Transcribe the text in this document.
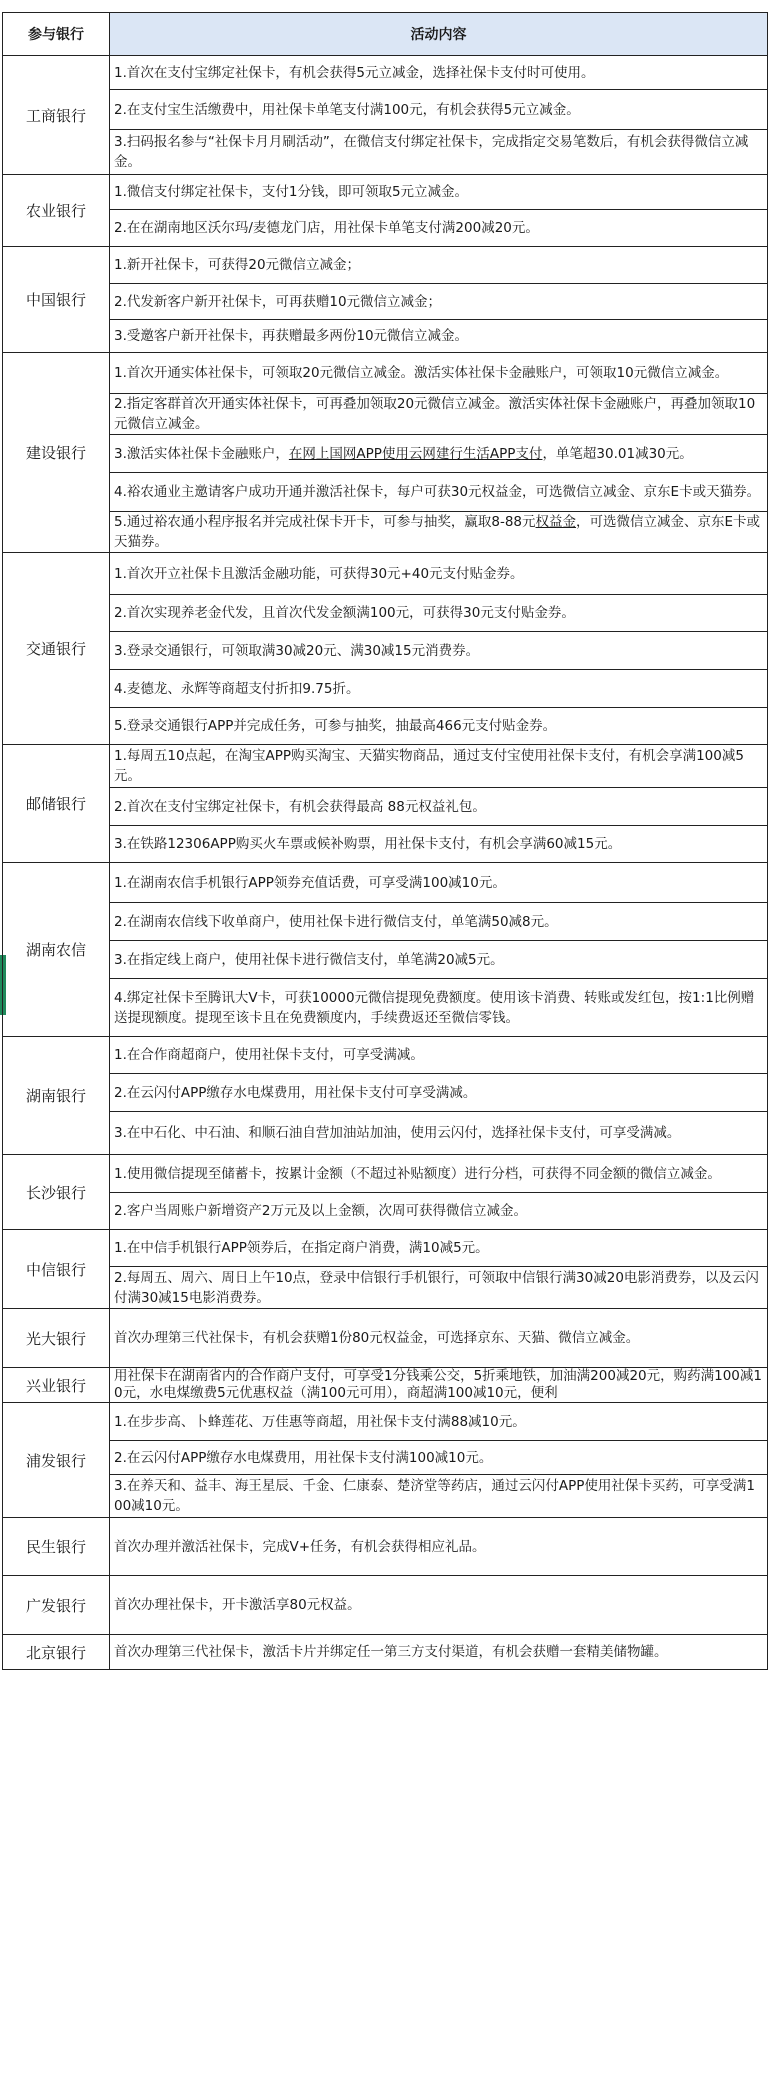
参与银行	活动内容
工商银行	1.首次在支付宝绑定社保卡，有机会获得5元立减金，选择社保卡支付时可使用。
	2.在支付宝生活缴费中，用社保卡单笔支付满100元，有机会获得5元立减金。
	3.扫码报名参与“社保卡月月刷活动”，在微信支付绑定社保卡，完成指定交易笔数后，有机会获得微信立减金。
农业银行	1.微信支付绑定社保卡，支付1分钱，即可领取5元立减金。
	2.在在湖南地区沃尔玛/麦德龙门店，用社保卡单笔支付满200减20元。
中国银行	1.新开社保卡，可获得20元微信立减金；
	2.代发新客户新开社保卡，可再获赠10元微信立减金；
	3.受邀客户新开社保卡，再获赠最多两份10元微信立减金。
建设银行	1.首次开通实体社保卡，可领取20元微信立减金。激活实体社保卡金融账户，可领取10元微信立减金。
	2.指定客群首次开通实体社保卡，可再叠加领取20元微信立减金。激活实体社保卡金融账户，再叠加领取10元微信立减金。
	3.激活实体社保卡金融账户，在网上国网APP使用云网建行生活APP支付，单笔超30.01减30元。
	4.裕农通业主邀请客户成功开通并激活社保卡，每户可获30元权益金，可选微信立减金、京东E卡或天猫券。
	5.通过裕农通小程序报名并完成社保卡开卡，可参与抽奖，赢取8-88元权益金，可选微信立减金、京东E卡或天猫券。
交通银行	1.首次开立社保卡且激活金融功能，可获得30元+40元支付贴金券。
	2.首次实现养老金代发，且首次代发金额满100元，可获得30元支付贴金券。
	3.登录交通银行，可领取满30减20元、满30减15元消费券。
	4.麦德龙、永辉等商超支付折扣9.75折。
	5.登录交通银行APP并完成任务，可参与抽奖，抽最高466元支付贴金券。
邮储银行	1.每周五10点起，在淘宝APP购买淘宝、天猫实物商品，通过支付宝使用社保卡支付，有机会享满100减5元。
	2.首次在支付宝绑定社保卡，有机会获得最高 88元权益礼包。
	3.在铁路12306APP购买火车票或候补购票，用社保卡支付，有机会享满60减15元。
湖南农信	1.在湖南农信手机银行APP领券充值话费，可享受满100减10元。
	2.在湖南农信线下收单商户，使用社保卡进行微信支付，单笔满50减8元。
	3.在指定线上商户，使用社保卡进行微信支付，单笔满20减5元。
	4.绑定社保卡至腾讯大V卡，可获10000元微信提现免费额度。使用该卡消费、转账或发红包，按1:1比例赠送提现额度。提现至该卡且在免费额度内，手续费返还至微信零钱。
湖南银行	1.在合作商超商户，使用社保卡支付，可享受满减。
	2.在云闪付APP缴存水电煤费用，用社保卡支付可享受满减。
	3.在中石化、中石油、和顺石油自营加油站加油，使用云闪付，选择社保卡支付，可享受满减。
长沙银行	1.使用微信提现至储蓄卡，按累计金额（不超过补贴额度）进行分档，可获得不同金额的微信立减金。
	2.客户当周账户新增资产2万元及以上金额，次周可获得微信立减金。
中信银行	1.在中信手机银行APP领券后，在指定商户消费，满10减5元。
	2.每周五、周六、周日上午10点，登录中信银行手机银行，可领取中信银行满30减20电影消费券，以及云闪付满30减15电影消费券。
光大银行	首次办理第三代社保卡，有机会获赠1份80元权益金，可选择京东、天猫、微信立减金。
兴业银行	用社保卡在湖南省内的合作商户支付，可享受1分钱乘公交，5折乘地铁，加油满200减20元，购药满100减10元，水电煤缴费5元优惠权益（满100元可用），商超满100减10元，便利
浦发银行	1.在步步高、卜蜂莲花、万佳惠等商超，用社保卡支付满88减10元。
	2.在云闪付APP缴存水电煤费用，用社保卡支付满100减10元。
	3.在养天和、益丰、海王星辰、千金、仁康泰、楚济堂等药店，通过云闪付APP使用社保卡买药，可享受满100减10元。
民生银行	首次办理并激活社保卡，完成V+任务，有机会获得相应礼品。
广发银行	首次办理社保卡，开卡激活享80元权益。
北京银行	首次办理第三代社保卡，激活卡片并绑定任一第三方支付渠道，有机会获赠一套精美储物罐。
